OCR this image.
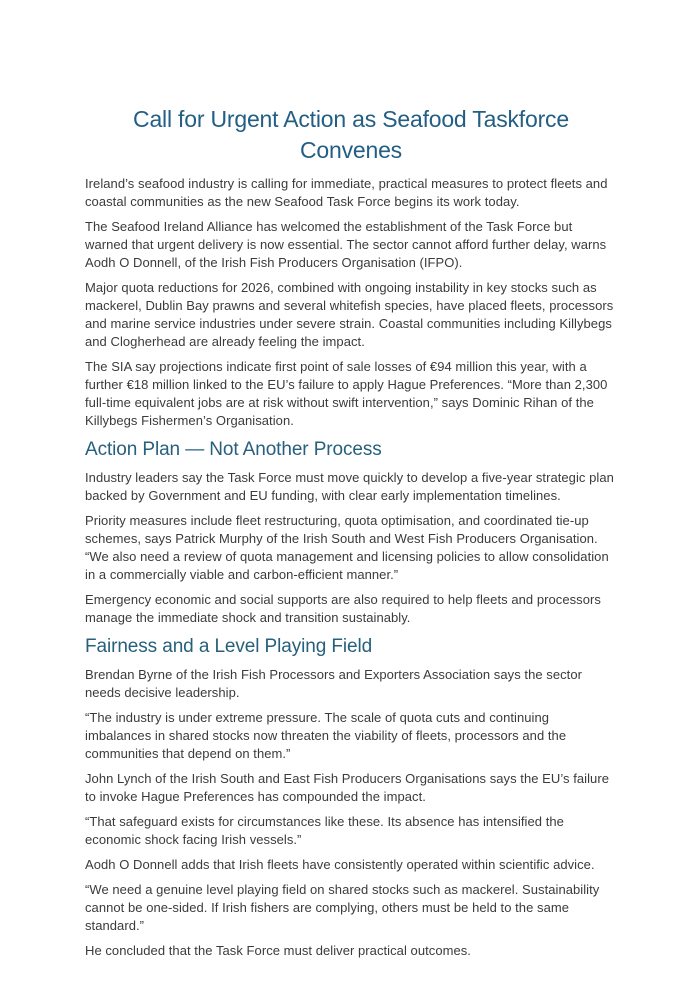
Call for Urgent Action as Seafood Taskforce Convenes

Ireland’s seafood industry is calling for immediate, practical measures to protect fleets and coastal communities as the new Seafood Task Force begins its work today.

The Seafood Ireland Alliance has welcomed the establishment of the Task Force but warned that urgent delivery is now essential. The sector cannot afford further delay, warns Aodh O Donnell, of the Irish Fish Producers Organisation (IFPO).

Major quota reductions for 2026, combined with ongoing instability in key stocks such as mackerel, Dublin Bay prawns and several whitefish species, have placed fleets, processors and marine service industries under severe strain. Coastal communities including Killybegs and Clogherhead are already feeling the impact.

The SIA say projections indicate first point of sale losses of €94 million this year, with a further €18 million linked to the EU’s failure to apply Hague Preferences. “More than 2,300 full-time equivalent jobs are at risk without swift intervention,” says Dominic Rihan of the Killybegs Fishermen’s Organisation.

Action Plan — Not Another Process

Industry leaders say the Task Force must move quickly to develop a five-year strategic plan backed by Government and EU funding, with clear early implementation timelines.

Priority measures include fleet restructuring, quota optimisation, and coordinated tie-up schemes, says Patrick Murphy of the Irish South and West Fish Producers Organisation. “We also need a review of quota management and licensing policies to allow consolidation in a commercially viable and carbon-efficient manner.”

Emergency economic and social supports are also required to help fleets and processors manage the immediate shock and transition sustainably.

Fairness and a Level Playing Field

Brendan Byrne of the Irish Fish Processors and Exporters Association says the sector needs decisive leadership.

“The industry is under extreme pressure. The scale of quota cuts and continuing imbalances in shared stocks now threaten the viability of fleets, processors and the communities that depend on them.”

John Lynch of the Irish South and East Fish Producers Organisations says the EU’s failure to invoke Hague Preferences has compounded the impact.

“That safeguard exists for circumstances like these. Its absence has intensified the economic shock facing Irish vessels.”

Aodh O Donnell adds that Irish fleets have consistently operated within scientific advice.

“We need a genuine level playing field on shared stocks such as mackerel. Sustainability cannot be one-sided. If Irish fishers are complying, others must be held to the same standard.”

He concluded that the Task Force must deliver practical outcomes.
